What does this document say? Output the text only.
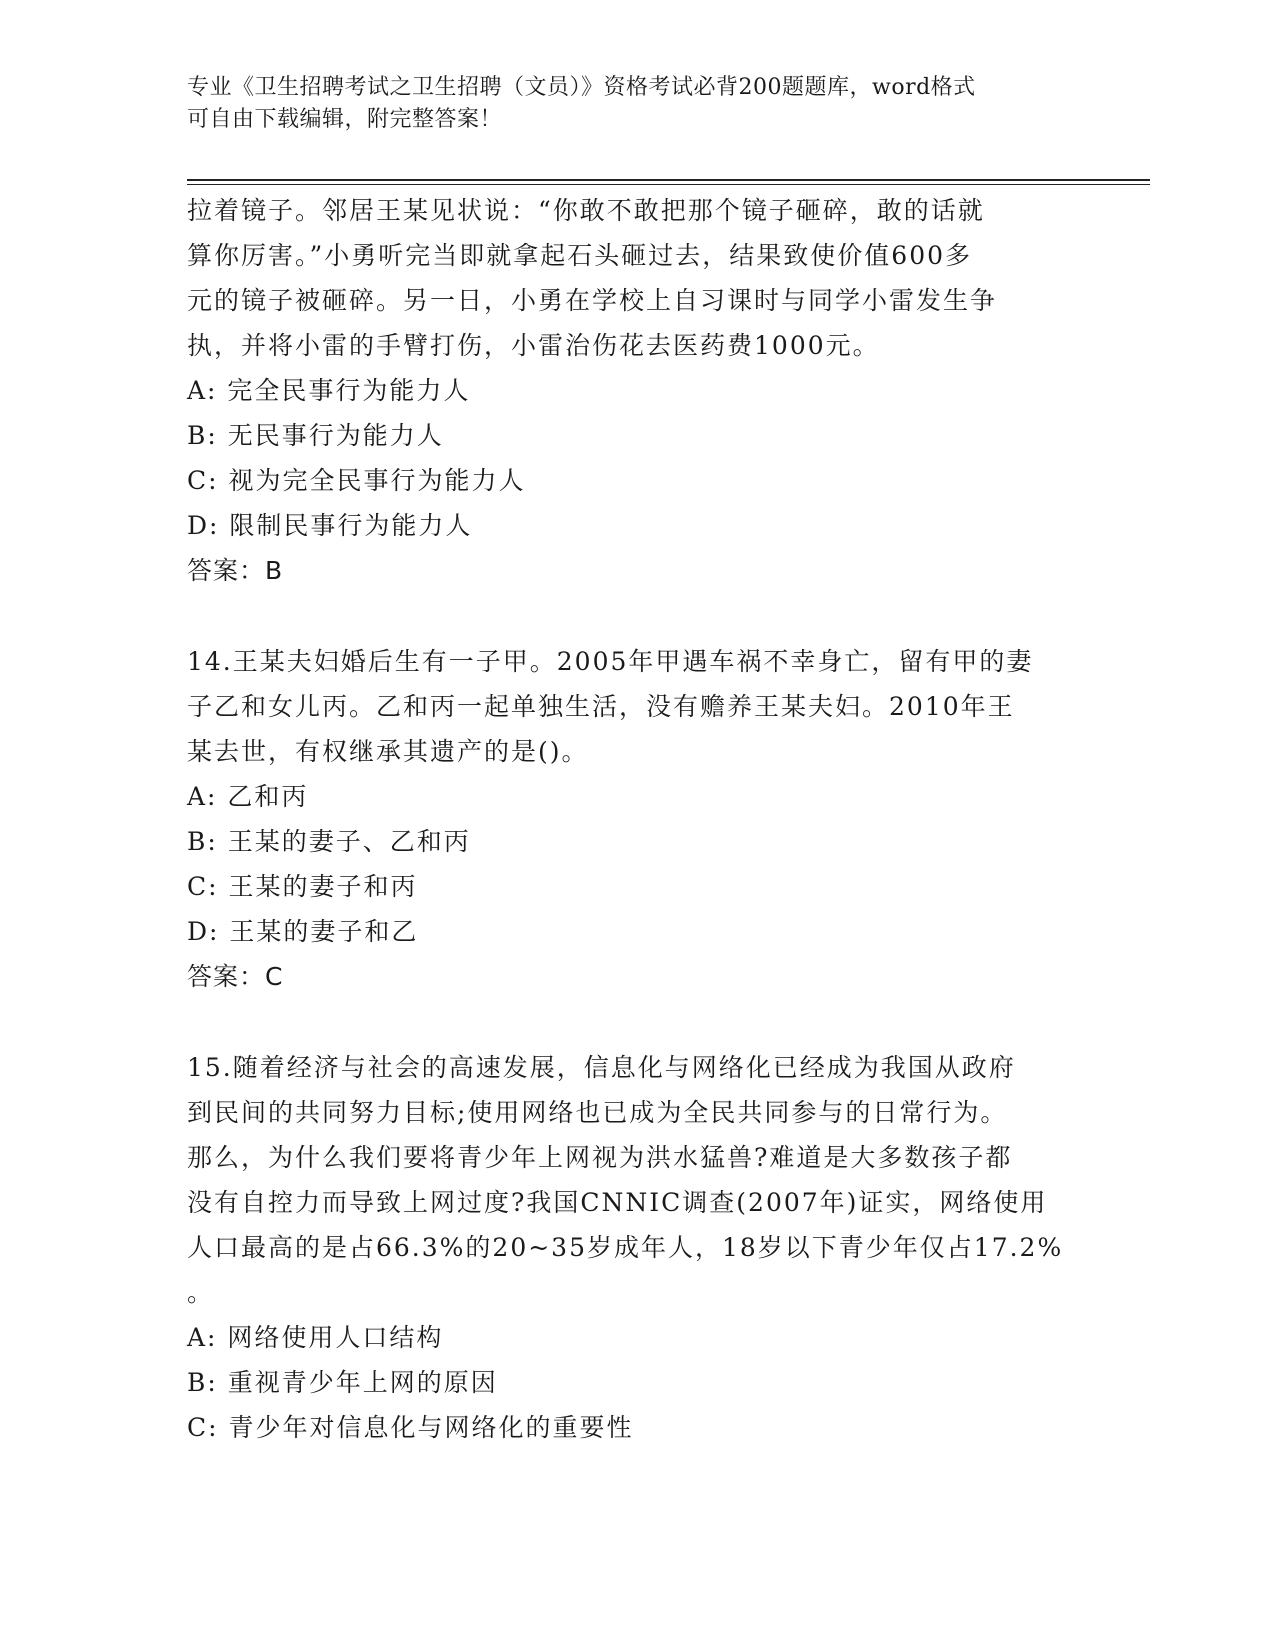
专业《卫生招聘考试之卫生招聘（文员）》资格考试必背200题题库，word格式
可自由下载编辑，附完整答案！

拉着镜子。邻居王某见状说：“你敢不敢把那个镜子砸碎，敢的话就

算你厉害。”小勇听完当即就拿起石头砸过去，结果致使价值600多

元的镜子被砸碎。另一日，小勇在学校上自习课时与同学小雷发生争

执，并将小雷的手臂打伤，小雷治伤花去医药费1000元。

A: 完全民事行为能力人

B: 无民事行为能力人

C: 视为完全民事行为能力人

D: 限制民事行为能力人

答案：B

14.王某夫妇婚后生有一子甲。2005年甲遇车祸不幸身亡，留有甲的妻

子乙和女儿丙。乙和丙一起单独生活，没有赡养王某夫妇。2010年王

某去世，有权继承其遗产的是()。

A: 乙和丙

B: 王某的妻子、乙和丙

C: 王某的妻子和丙

D: 王某的妻子和乙

答案：C

15.随着经济与社会的高速发展，信息化与网络化已经成为我国从政府

到民间的共同努力目标;使用网络也已成为全民共同参与的日常行为。

那么，为什么我们要将青少年上网视为洪水猛兽?难道是大多数孩子都

没有自控力而导致上网过度?我国CNNIC调查(2007年)证实，网络使用

人口最高的是占66.3%的20~35岁成年人，18岁以下青少年仅占17.2%

。

A: 网络使用人口结构

B: 重视青少年上网的原因

C: 青少年对信息化与网络化的重要性
